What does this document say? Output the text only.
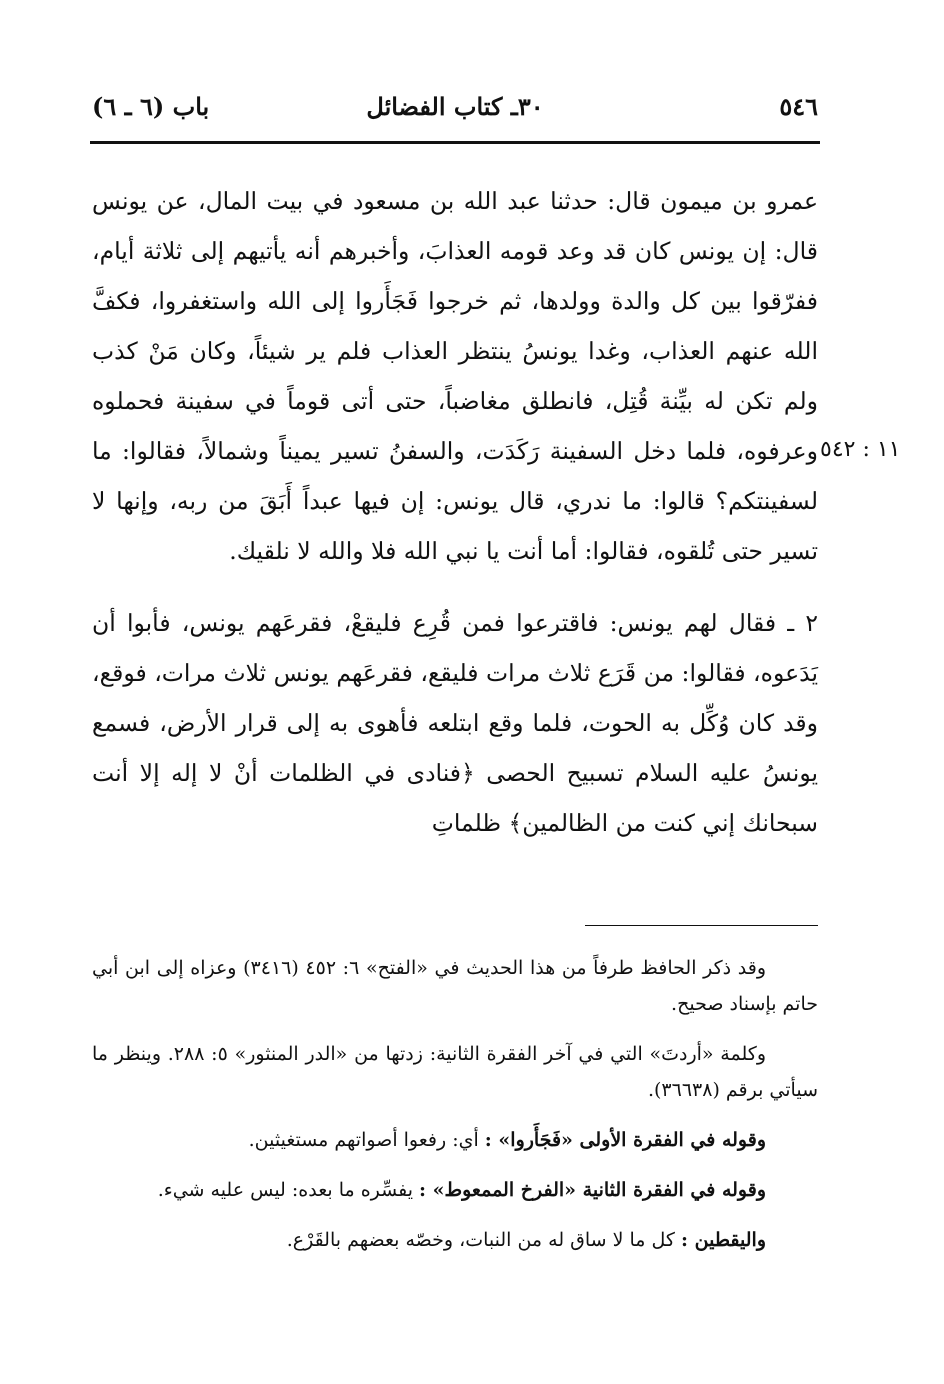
٥٤٦
٣٠ـ كتاب الفضائل
باب (٦ ـ ٦)
١١ : ٥٤٢

عمرو بن ميمون قال: حدثنا عبد الله بن مسعود في بيت المال، عن يونس قال: إن يونس كان قد وعد قومه العذابَ، وأخبرهم أنه يأتيهم إلى ثلاثة أيام، ففرّقوا بين كل والدة وولدها، ثم خرجوا فَجَأَروا إلى الله واستغفروا، فكفَّ الله عنهم العذاب، وغدا يونسُ ينتظر العذاب فلم ير شيئاً، وكان مَنْ كذب ولم تكن له بيِّنة قُتِل، فانطلق مغاضباً، حتى أتى قوماً في سفينة فحملوه وعرفوه، فلما دخل السفينة رَكَدَت، والسفنُ تسير يميناً وشمالاً، فقالوا: ما لسفينتكم؟ قالوا: ما ندري، قال يونس: إن فيها عبداً أَبَقَ من ربه، وإنها لا تسير حتى تُلقوه، فقالوا: أما أنت يا نبي الله فلا والله لا نلقيك.

٢ ـ فقال لهم يونس: فاقترعوا فمن قُرِع فليقعْ، فقرعَهم يونس، فأبوا أن يَدَعوه، فقالوا: من قَرَع ثلاث مرات فليقع، فقرعَهم يونس ثلاث مرات، فوقع، وقد كان وُكِّل به الحوت، فلما وقع ابتلعه فأهوى به إلى قرار الأرض، فسمع يونسُ عليه السلام تسبيح الحصى ﴿فنادى في الظلمات أنْ لا إله إلا أنت سبحانك إني كنت من الظالمين﴾ ظلماتِ

وقد ذكر الحافظ طرفاً من هذا الحديث في «الفتح» ٦: ٤٥٢ (٣٤١٦) وعزاه إلى ابن أبي حاتم بإسناد صحيح.

وكلمة «أردتَ» التي في آخر الفقرة الثانية: زدتها من «الدر المنثور» ٥: ٢٨٨. وينظر ما سيأتي برقم (٣٦٦٣٨).

وقوله في الفقرة الأولى «فَجَأَروا» : أي: رفعوا أصواتهم مستغيثين.

وقوله في الفقرة الثانية «الفرخ الممعوط» : يفسِّره ما بعده: ليس عليه شيء.

واليقطين : كل ما لا ساق له من النبات، وخصّه بعضهم بالقَرْع.
